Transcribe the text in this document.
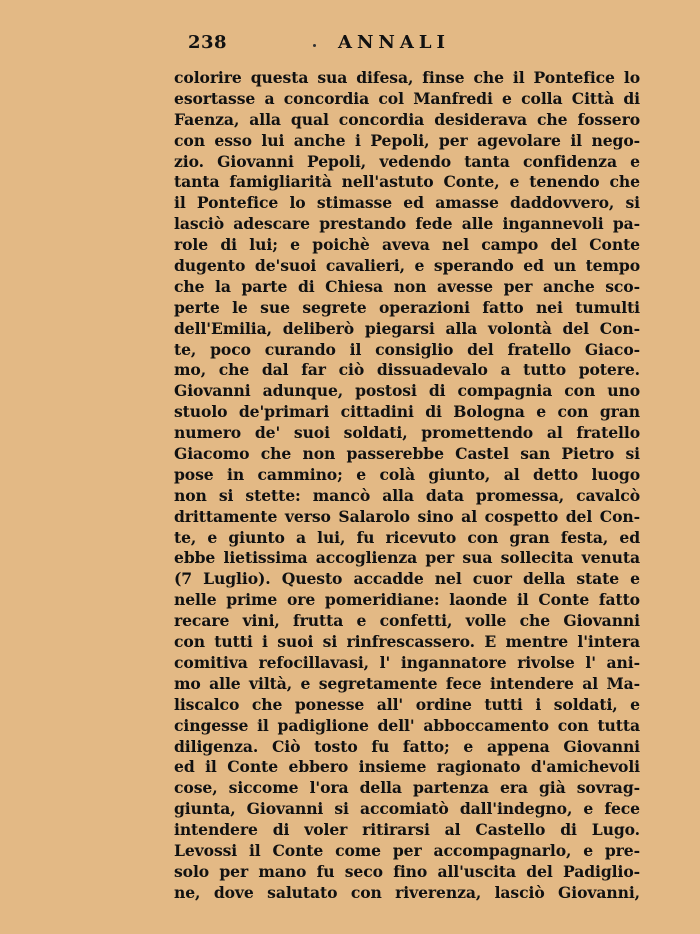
238	ANNALI
colorire questa sua difesa, finse che il Pontefice lo
esortasse a concordia col Manfredi e colla Città di
Faenza, alla qual concordia desiderava che fossero
con esso lui anche i Pepoli, per agevolare il nego-
zio. Giovanni Pepoli, vedendo tanta confidenza e
tanta famigliarità nell'astuto Conte, e tenendo che
il Pontefice lo stimasse ed amasse daddovvero, si
lasciò adescare prestando fede alle ingannevoli pa-
role di lui; e poichè aveva nel campo del Conte
dugento de'suoi cavalieri, e sperando ed un tempo
che la parte di Chiesa non avesse per anche sco-
perte le sue segrete operazioni fatto nei tumulti
dell'Emilia, deliberò piegarsi alla volontà del Con-
te, poco curando il consiglio del fratello Giaco-
mo, che dal far ciò dissuadevalo a tutto potere.
Giovanni adunque, postosi di compagnia con uno
stuolo de'primari cittadini di Bologna e con gran
numero de' suoi soldati, promettendo al fratello
Giacomo che non passerebbe Castel san Pietro si
pose in cammino; e colà giunto, al detto luogo
non si stette: mancò alla data promessa, cavalcò
drittamente verso Salarolo sino al cospetto del Con-
te, e giunto a lui, fu ricevuto con gran festa, ed
ebbe lietissima accoglienza per sua sollecita venuta
(7 Luglio). Questo accadde nel cuor della state e
nelle prime ore pomeridiane: laonde il Conte fatto
recare vini, frutta e confetti, volle che Giovanni
con tutti i suoi si rinfrescassero. E mentre l'intera
comitiva refocillavasi, l' ingannatore rivolse l' ani-
mo alle viltà, e segretamente fece intendere al Ma-
liscalco che ponesse all' ordine tutti i soldati, e
cingesse il padiglione dell' abboccamento con tutta
diligenza. Ciò tosto fu fatto; e appena Giovanni
ed il Conte ebbero insieme ragionato d'amichevoli
cose, siccome l'ora della partenza era già sovrag-
giunta, Giovanni si accomiatò dall'indegno, e fece
intendere di voler ritirarsi al Castello di Lugo.
Levossi il Conte come per accompagnarlo, e pre-
solo per mano fu seco fino all'uscita del Padiglio-
ne, dove salutato con riverenza, lasciò Giovanni,
